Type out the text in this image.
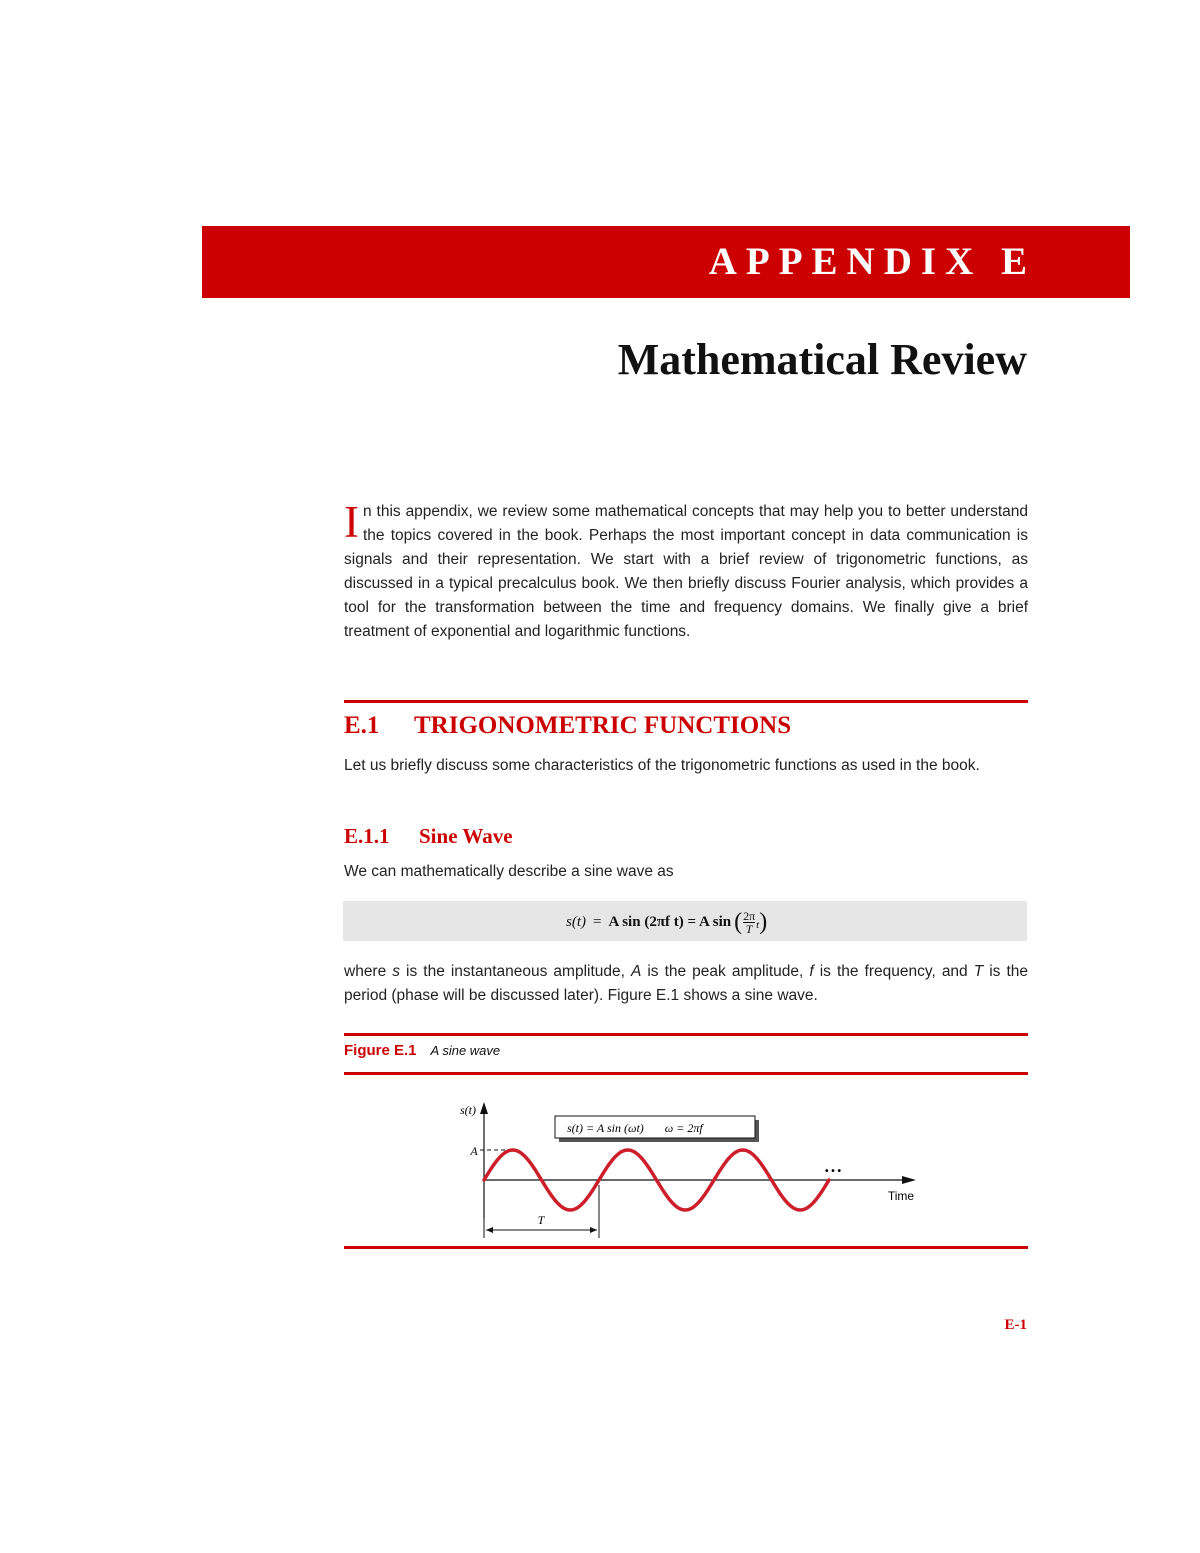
APPENDIX E
Mathematical Review
In this appendix, we review some mathematical concepts that may help you to better understand the topics covered in the book. Perhaps the most important concept in data communication is signals and their representation. We start with a brief review of trigonometric functions, as discussed in a typical precalculus book. We then briefly discuss Fourier analysis, which provides a tool for the transformation between the time and frequency domains. We finally give a brief treatment of exponential and logarithmic functions.
E.1 TRIGONOMETRIC FUNCTIONS
Let us briefly discuss some characteristics of the trigonometric functions as used in the book.
E.1.1 Sine Wave
We can mathematically describe a sine wave as
s(t) = A sin (2πf t) = A sin ( $\frac{2\pi}{T}$ t )
where s is the instantaneous amplitude, A is the peak amplitude, f is the frequency, and T is the period (phase will be discussed later). Figure E.1 shows a sine wave.
Figure E.1 A sine wave
T
s(t)
A
Time
• • •
s(t) = A sin (ωt)       ω = 2πf
E-1
